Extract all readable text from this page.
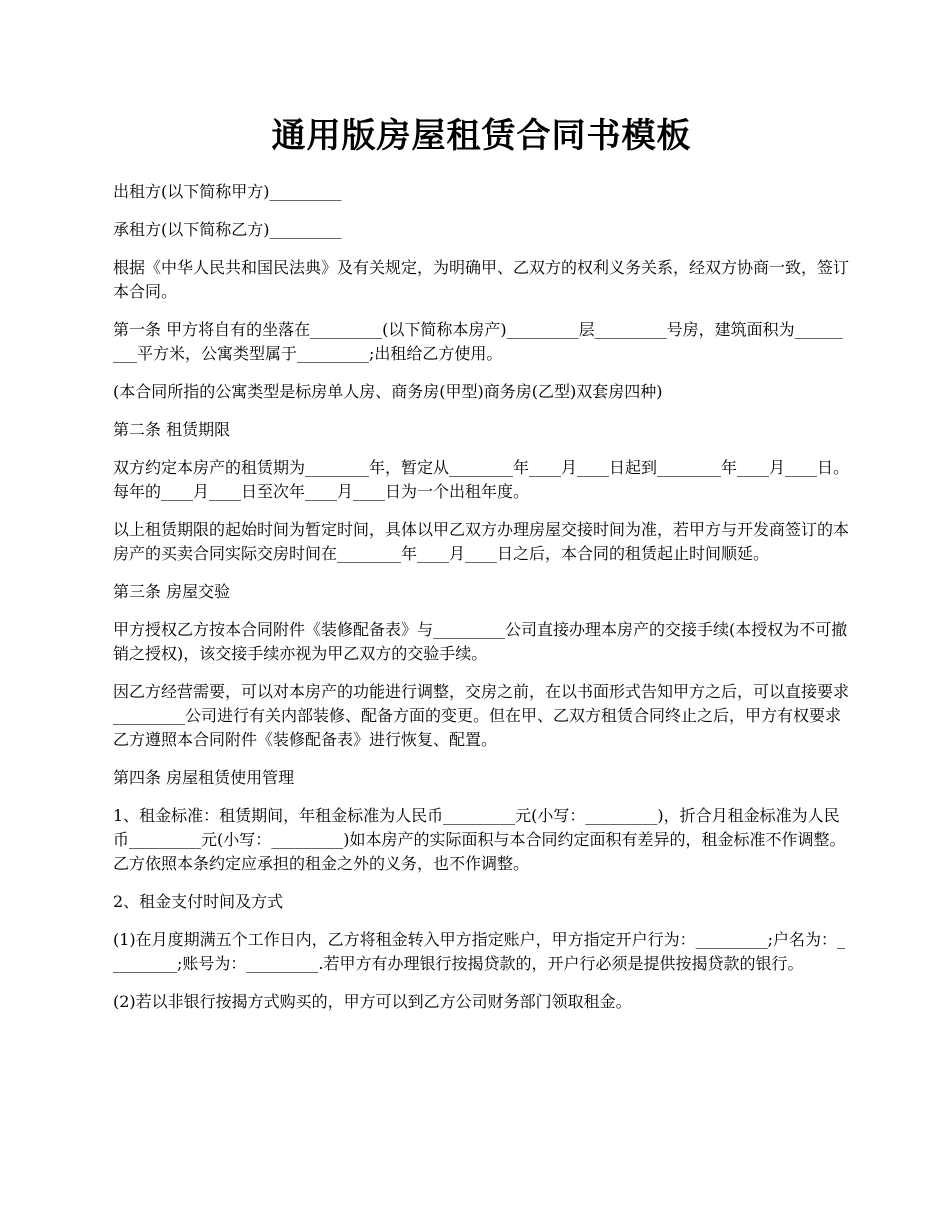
通用版房屋租赁合同书模板

出租方(以下简称甲方)_________

承租方(以下简称乙方)_________

根据《中华人民共和国民法典》及有关规定，为明确甲、乙双方的权利义务关系，经双方协商一致，签订本合同。

第一条 甲方将自有的坐落在_________(以下简称本房产)_________层_________号房，建筑面积为_________平方米，公寓类型属于_________;出租给乙方使用。

(本合同所指的公寓类型是标房单人房、商务房(甲型)商务房(乙型)双套房四种)

第二条 租赁期限

双方约定本房产的租赁期为________年，暂定从________年____月____日起到________年____月____日。每年的____月____日至次年____月____日为一个出租年度。

以上租赁期限的起始时间为暂定时间，具体以甲乙双方办理房屋交接时间为准，若甲方与开发商签订的本房产的买卖合同实际交房时间在________年____月____日之后，本合同的租赁起止时间顺延。

第三条 房屋交验

甲方授权乙方按本合同附件《装修配备表》与_________公司直接办理本房产的交接手续(本授权为不可撤销之授权)，该交接手续亦视为甲乙双方的交验手续。

因乙方经营需要，可以对本房产的功能进行调整，交房之前，在以书面形式告知甲方之后，可以直接要求_________公司进行有关内部装修、配备方面的变更。但在甲、乙双方租赁合同终止之后，甲方有权要求乙方遵照本合同附件《装修配备表》进行恢复、配置。

第四条 房屋租赁使用管理

1、租金标准：租赁期间，年租金标准为人民币_________元(小写：_________)，折合月租金标准为人民币_________元(小写：_________)如本房产的实际面积与本合同约定面积有差异的，租金标准不作调整。乙方依照本条约定应承担的租金之外的义务，也不作调整。

2、租金支付时间及方式

(1)在月度期满五个工作日内，乙方将租金转入甲方指定账户，甲方指定开户行为：_________;户名为：_________;账号为：_________.若甲方有办理银行按揭贷款的，开户行必须是提供按揭贷款的银行。

(2)若以非银行按揭方式购买的，甲方可以到乙方公司财务部门领取租金。
